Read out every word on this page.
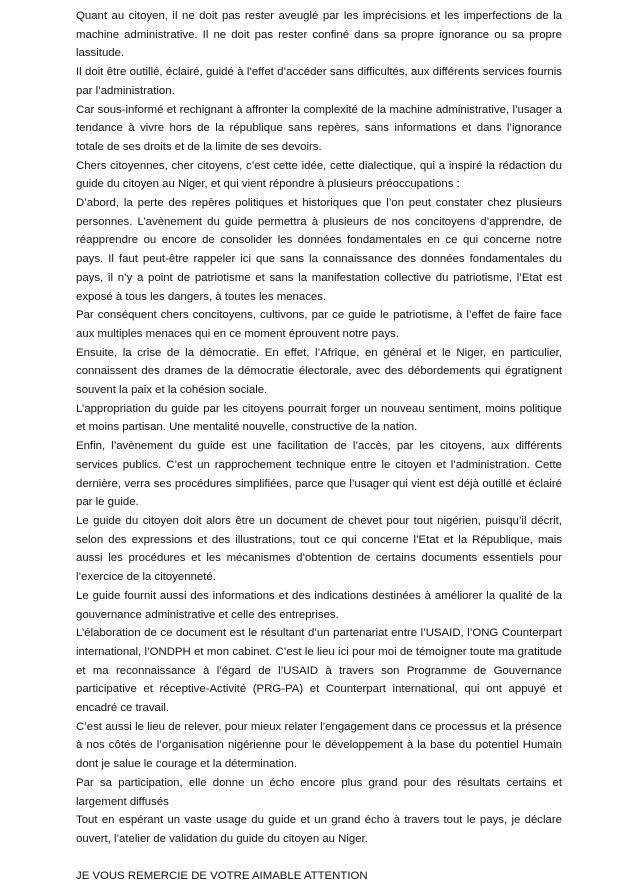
Quant au citoyen, il ne doit pas rester aveuglé par les imprécisions et les imperfections de la machine administrative. Il ne doit pas rester confiné dans sa propre ignorance ou sa propre lassitude.

Il doit être outillé, éclairé, guidé à l’effet d’accéder sans difficultés, aux différents services fournis par l’administration.

Car sous-informé et rechignant à affronter la complexité de la machine administrative, l’usager a tendance à vivre hors de la république sans repères, sans informations et dans l’ignorance totale de ses droits et de la limite de ses devoirs.

Chers citoyennes, cher citoyens, c’est cette idée, cette dialectique, qui a inspiré la rédaction du guide du citoyen au Niger, et qui vient répondre à plusieurs préoccupations :

D’abord, la perte des repères politiques et historiques que l’on peut constater chez plusieurs personnes. L’avènement du guide permettra à plusieurs de nos concitoyens d’apprendre, de réapprendre ou encore de consolider les données fondamentales en ce qui concerne notre pays. Il faut peut-être rappeler ici que sans la connaissance des données fondamentales du pays, il n’y a point de patriotisme et sans la manifestation collective du patriotisme, l’Etat est exposé à tous les dangers, à toutes les menaces.

Par conséquent chers concitoyens, cultivons, par ce guide le patriotisme, à l’effet de faire face aux multiples menaces qui en ce moment éprouvent notre pays.

Ensuite, la crise de la démocratie. En effet, l’Afrique, en général et le Niger, en particulier, connaissent des drames de la démocratie électorale, avec des débordements qui égratignent souvent la paix et la cohésion sociale.

L’appropriation du guide par les citoyens pourrait forger un nouveau sentiment, moins politique et moins partisan. Une mentalité nouvelle, constructive de la nation.

Enfin, l’avènement du guide est une facilitation de l’accès, par les citoyens, aux différents services publics. C’est un rapprochement technique entre le citoyen et l’administration. Cette dernière, verra ses procédures simplifiées, parce que l’usager qui vient est déjà outillé et éclairé par le guide.

Le guide du citoyen doit alors être un document de chevet pour tout nigérien, puisqu’il décrit, selon des expressions et des illustrations, tout ce qui concerne l’Etat et la République, mais aussi les procédures et les mécanismes d’obtention de certains documents essentiels pour l’exercice de la citoyenneté.

Le guide fournit aussi des informations et des indications destinées à améliorer la qualité de la gouvernance administrative et celle des entreprises.

L’élaboration de ce document est le résultant d’un partenariat entre l’USAID, l’ONG Counterpart international, l’ONDPH et mon cabinet. C’est le lieu ici pour moi de témoigner toute ma gratitude et ma reconnaissance à l’égard de l’USAID à travers son Programme de Gouvernance participative et réceptive-Activité (PRG-PA) et Counterpart international, qui ont appuyé et encadré ce travail.

C’est aussi le lieu de relever, pour mieux relater l’engagement dans ce processus et la présence à nos côtés de l’organisation nigérienne pour le développement à la base du potentiel Humain dont je salue le courage et la détermination.

Par sa participation, elle donne un écho encore plus grand pour des résultats certains et largement diffusés

Tout en espérant un vaste usage du guide et un grand écho à travers tout le pays, je déclare ouvert, l’atelier de validation du guide du citoyen au Niger.

JE VOUS REMERCIE DE VOTRE AIMABLE ATTENTION
